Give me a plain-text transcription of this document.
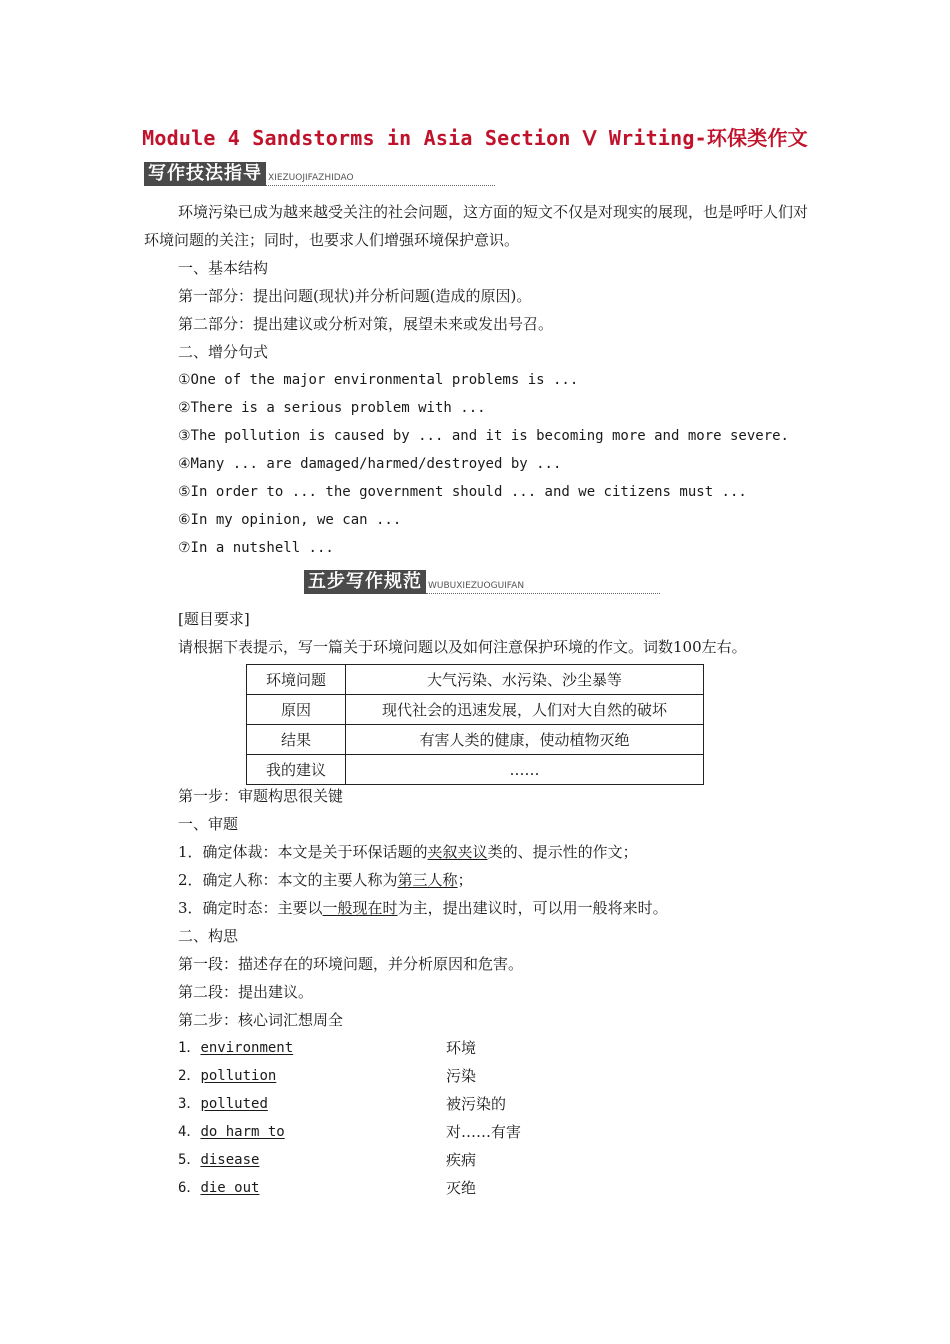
Module 4 Sandstorms in Asia Section Ⅴ Writing-环保类作文
写作技法指导 XIEZUOJIFAZHIDAO
环境污染已成为越来越受关注的社会问题，这方面的短文不仅是对现实的展现，也是呼吁人们对环境问题的关注；同时，也要求人们增强环境保护意识。
一、基本结构
第一部分：提出问题(现状)并分析问题(造成的原因)。
第二部分：提出建议或分析对策，展望未来或发出号召。
二、增分句式
①One of the major environmental problems is ...
②There is a serious problem with ...
③The pollution is caused by ... and it is becoming more and more severe.
④Many ... are damaged/harmed/destroyed by ...
⑤In order to ... the government should ... and we citizens must ...
⑥In my opinion, we can ...
⑦In a nutshell ...
五步写作规范 WUBUXIEZUOGUIFAN
[题目要求]
请根据下表提示，写一篇关于环境问题以及如何注意保护环境的作文。词数100左右。
环境问题	大气污染、水污染、沙尘暴等
原因	现代社会的迅速发展，人们对大自然的破坏
结果	有害人类的健康，使动植物灭绝
我的建议	……
第一步：审题构思很关键
一、审题
1．确定体裁：本文是关于环保话题的夹叙夹议类的、提示性的作文；
2．确定人称：本文的主要人称为第三人称；
3．确定时态：主要以一般现在时为主，提出建议时，可以用一般将来时。
二、构思
第一段：描述存在的环境问题，并分析原因和危害。
第二段：提出建议。
第二步：核心词汇想周全
1．environment	环境
2．pollution	污染
3．polluted	被污染的
4．do harm to	对……有害
5．disease	疾病
6．die out	灭绝
